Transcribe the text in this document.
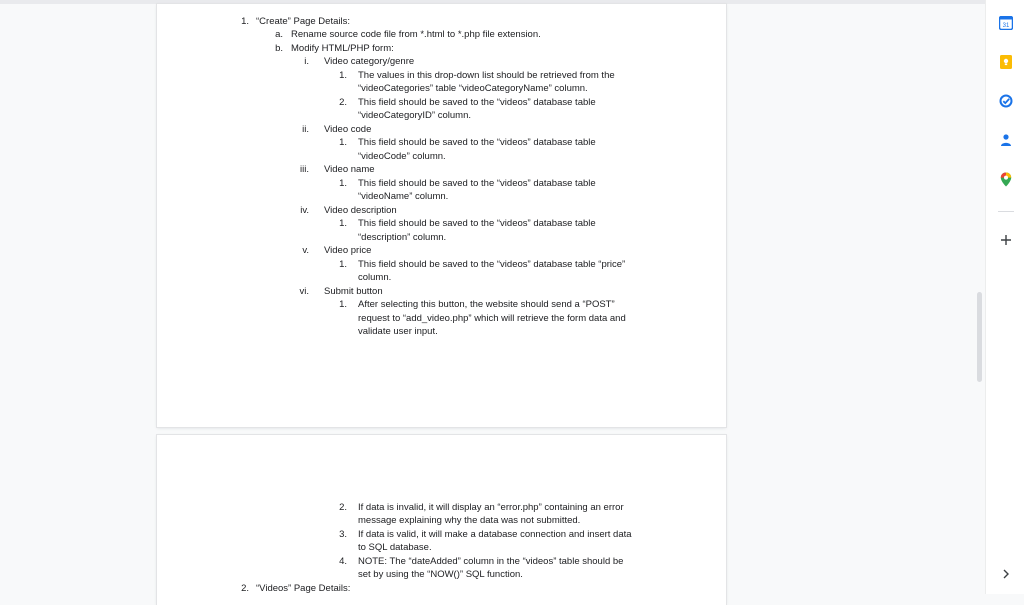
1. “Create” Page Details:
a. Rename source code file from *.html to *.php file extension.
b. Modify HTML/PHP form:
i. Video category/genre
1. The values in this drop-down list should be retrieved from the
“videoCategories” table “videoCategoryName” column.
2. This field should be saved to the “videos” database table
“videoCategoryID” column.
ii. Video code
1. This field should be saved to the “videos” database table
“videoCode” column.
iii. Video name
1. This field should be saved to the “videos” database table
“videoName” column.
iv. Video description
1. This field should be saved to the “videos” database table
“description” column.
v. Video price
1. This field should be saved to the “videos” database table “price”
column.
vi. Submit button
1. After selecting this button, the website should send a “POST”
request to “add_video.php” which will retrieve the form data and
validate user input.
2. If data is invalid, it will display an “error.php” containing an error
message explaining why the data was not submitted.
3. If data is valid, it will make a database connection and insert data
to SQL database.
4. NOTE: The “dateAdded” column in the “videos” table should be
set by using the “NOW()” SQL function.
2. “Videos” Page Details:
31
